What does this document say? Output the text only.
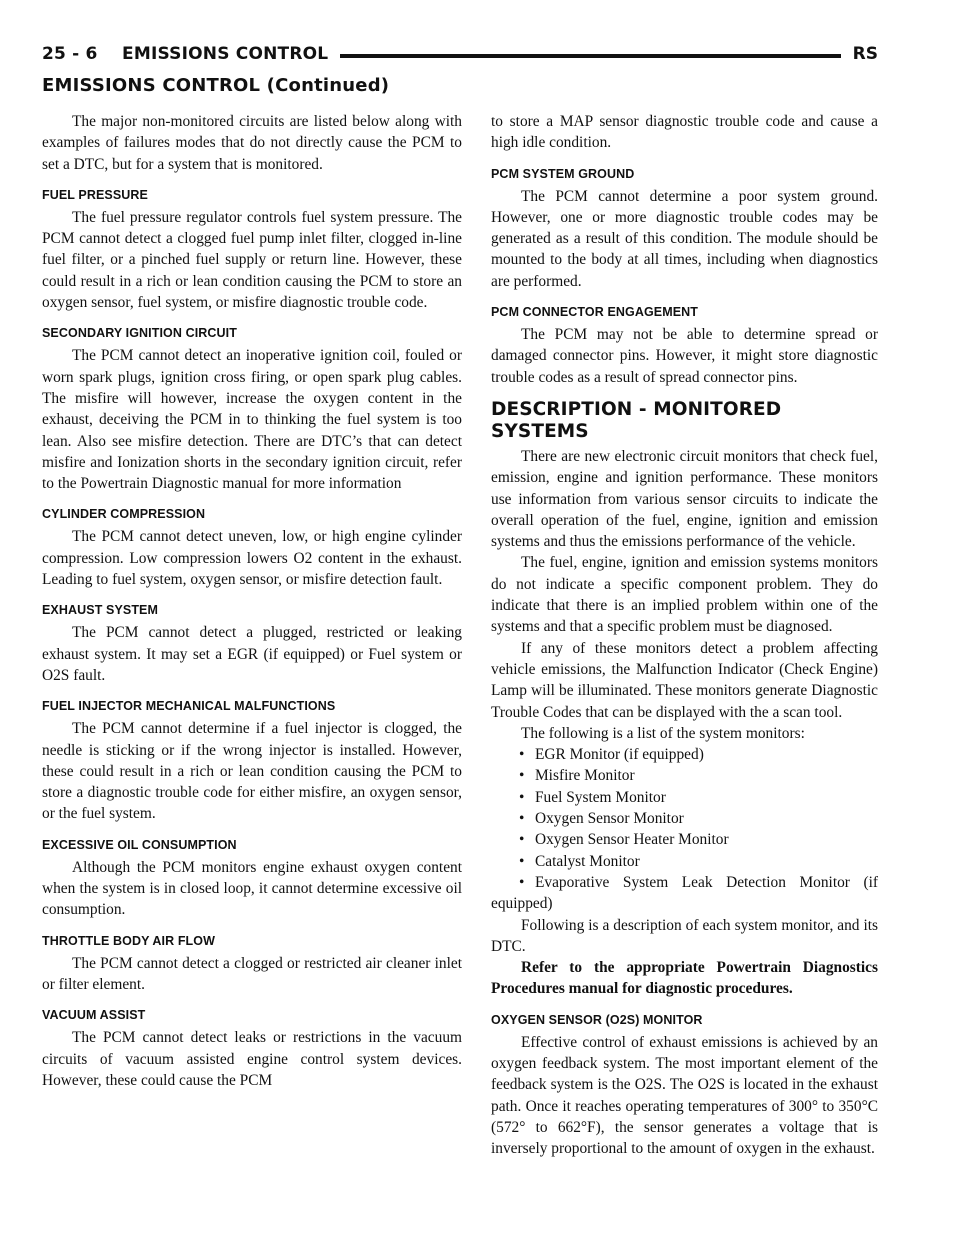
25 - 6    EMISSIONS CONTROL	RS
EMISSIONS CONTROL (Continued)

The major non-monitored circuits are listed below along with examples of failures modes that do not directly cause the PCM to set a DTC, but for a system that is monitored.

FUEL PRESSURE

The fuel pressure regulator controls fuel system pressure. The PCM cannot detect a clogged fuel pump inlet filter, clogged in-line fuel filter, or a pinched fuel supply or return line. However, these could result in a rich or lean condition causing the PCM to store an oxygen sensor, fuel system, or misfire diagnostic trouble code.

SECONDARY IGNITION CIRCUIT

The PCM cannot detect an inoperative ignition coil, fouled or worn spark plugs, ignition cross firing, or open spark plug cables. The misfire will however, increase the oxygen content in the exhaust, deceiving the PCM in to thinking the fuel system is too lean. Also see misfire detection. There are DTC’s that can detect misfire and Ionization shorts in the secondary ignition circuit, refer to the Powertrain Diagnostic manual for more information

CYLINDER COMPRESSION

The PCM cannot detect uneven, low, or high engine cylinder compression. Low compression lowers O2 content in the exhaust. Leading to fuel system, oxygen sensor, or misfire detection fault.

EXHAUST SYSTEM

The PCM cannot detect a plugged, restricted or leaking exhaust system. It may set a EGR (if equipped) or Fuel system or O2S fault.

FUEL INJECTOR MECHANICAL MALFUNCTIONS

The PCM cannot determine if a fuel injector is clogged, the needle is sticking or if the wrong injector is installed. However, these could result in a rich or lean condition causing the PCM to store a diagnostic trouble code for either misfire, an oxygen sensor, or the fuel system.

EXCESSIVE OIL CONSUMPTION

Although the PCM monitors engine exhaust oxygen content when the system is in closed loop, it cannot determine excessive oil consumption.

THROTTLE BODY AIR FLOW

The PCM cannot detect a clogged or restricted air cleaner inlet or filter element.

VACUUM ASSIST

The PCM cannot detect leaks or restrictions in the vacuum circuits of vacuum assisted engine control system devices. However, these could cause the PCM

to store a MAP sensor diagnostic trouble code and cause a high idle condition.

PCM SYSTEM GROUND

The PCM cannot determine a poor system ground. However, one or more diagnostic trouble codes may be generated as a result of this condition. The module should be mounted to the body at all times, including when diagnostics are performed.

PCM CONNECTOR ENGAGEMENT

The PCM may not be able to determine spread or damaged connector pins. However, it might store diagnostic trouble codes as a result of spread connector pins.

DESCRIPTION - MONITORED SYSTEMS

There are new electronic circuit monitors that check fuel, emission, engine and ignition performance. These monitors use information from various sensor circuits to indicate the overall operation of the fuel, engine, ignition and emission systems and thus the emissions performance of the vehicle.

The fuel, engine, ignition and emission systems monitors do not indicate a specific component problem. They do indicate that there is an implied problem within one of the systems and that a specific problem must be diagnosed.

If any of these monitors detect a problem affecting vehicle emissions, the Malfunction Indicator (Check Engine) Lamp will be illuminated. These monitors generate Diagnostic Trouble Codes that can be displayed with the a scan tool.

The following is a list of the system monitors:

• EGR Monitor (if equipped)
• Misfire Monitor
• Fuel System Monitor
• Oxygen Sensor Monitor
• Oxygen Sensor Heater Monitor
• Catalyst Monitor
• Evaporative System Leak Detection Monitor (if equipped)

Following is a description of each system monitor, and its DTC.

Refer to the appropriate Powertrain Diagnostics Procedures manual for diagnostic procedures.

OXYGEN SENSOR (O2S) MONITOR

Effective control of exhaust emissions is achieved by an oxygen feedback system. The most important element of the feedback system is the O2S. The O2S is located in the exhaust path. Once it reaches operating temperatures of 300° to 350°C (572° to 662°F), the sensor generates a voltage that is inversely proportional to the amount of oxygen in the exhaust.
